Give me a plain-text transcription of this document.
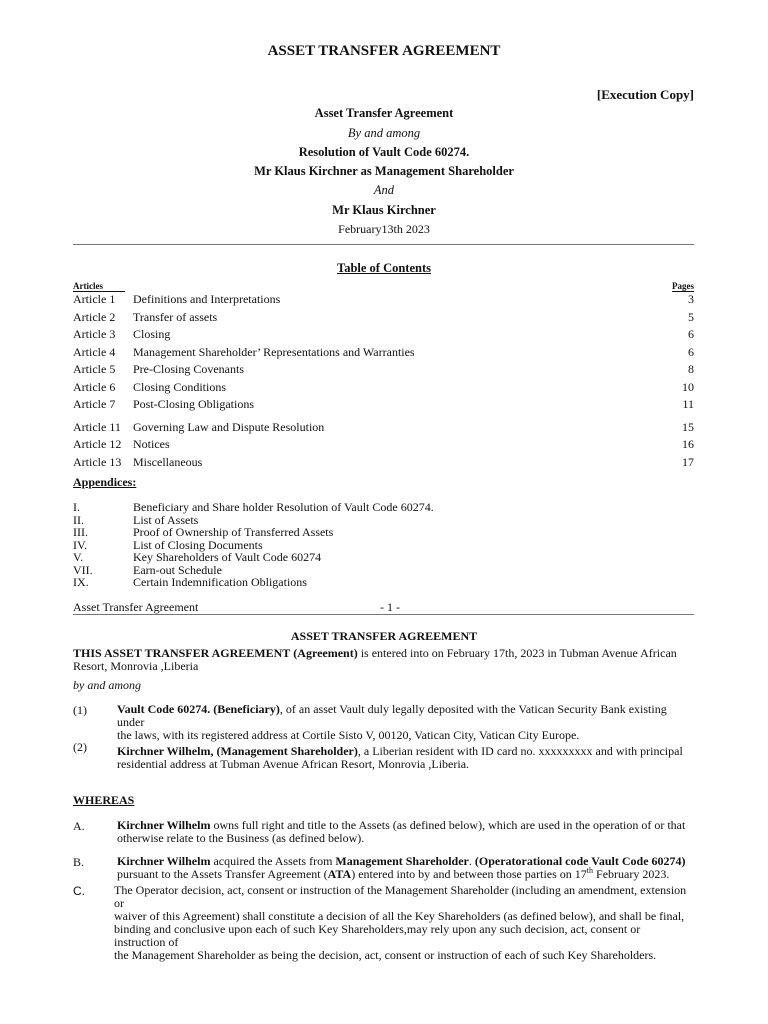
ASSET TRANSFER AGREEMENT
[Execution Copy]
Asset Transfer Agreement
By and among
Resolution of Vault Code 60274.
Mr Klaus Kirchner as Management Shareholder
And
Mr Klaus Kirchner
February13th 2023
Table of Contents
Articles	Pages
Article 1 Definitions and Interpretations	3
Article 2 Transfer of assets	5
Article 3 Closing	6
Article 4 Management Shareholder’ Representations and Warranties	6
Article 5 Pre-Closing Covenants	8
Article 6 Closing Conditions	10
Article 7 Post-Closing Obligations	11
Article 11 Governing Law and Dispute Resolution	15
Article 12 Notices	16
Article 13 Miscellaneous	17
Appendices:
I.	Beneficiary and Share holder Resolution of Vault Code 60274.
II.	List of Assets
III.	Proof of Ownership of Transferred Assets
IV.	List of Closing Documents
V.	Key Shareholders of Vault Code 60274
VII.	Earn-out Schedule
IX.	Certain Indemnification Obligations
Asset Transfer Agreement	- 1 -
ASSET TRANSFER AGREEMENT
THIS ASSET TRANSFER AGREEMENT (Agreement) is entered into on February 17th, 2023 in Tubman Avenue African
Resort, Monrovia ,Liberia
by and among
(1)	Vault Code 60274. (Beneficiary), of an asset Vault duly legally deposited with the Vatican Security Bank existing under
the laws, with its registered address at Cortile Sisto V, 00120, Vatican City, Vatican City Europe.
(2)	Kirchner Wilhelm, (Management Shareholder), a Liberian resident with ID card no. xxxxxxxxx and with principal
residential address at Tubman Avenue African Resort, Monrovia ,Liberia.
WHEREAS
A.	Kirchner Wilhelm owns full right and title to the Assets (as defined below), which are used in the operation of or that
otherwise relate to the Business (as defined below).
B.	Kirchner Wilhelm acquired the Assets from Management Shareholder. (Operatorational code Vault Code 60274)
pursuant to the Assets Transfer Agreement (ATA) entered into by and between those parties on 17th February 2023.
C. The Operator decision, act, consent or instruction of the Management Shareholder (including an amendment, extension or
waiver of this Agreement) shall constitute a decision of all the Key Shareholders (as defined below), and shall be final,
binding and conclusive upon each of such Key Shareholders,may rely upon any such decision, act, consent or instruction of
the Management Shareholder as being the decision, act, consent or instruction of each of such Key Shareholders.
